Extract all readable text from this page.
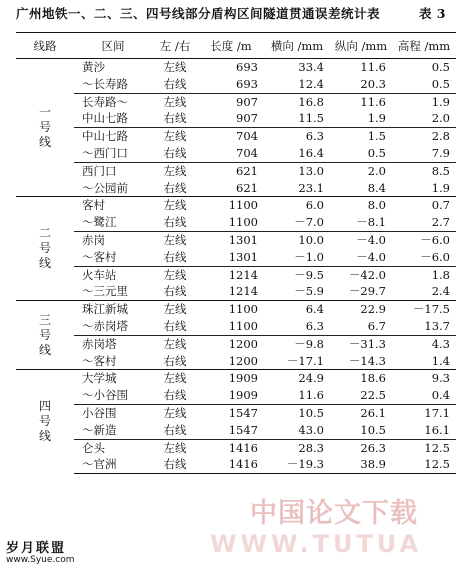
广州地铁一、二、三、四号线部分盾构区间隧道贯通误差统计表	表 3
线路	区间	左 /右	长度 /m	横向 /mm	纵向 /mm	高程 /mm
一号线	黄沙	左线	693	33.4	11.6	0.5
	～长寿路	右线	693	12.4	20.3	0.5
	长寿路～	左线	907	16.8	11.6	1.9
	中山七路	右线	907	11.5	1.9	2.0
	中山七路	左线	704	6.3	1.5	2.8
	～西门口	右线	704	16.4	0.5	7.9
	西门口	左线	621	13.0	2.0	8.5
	～公园前	右线	621	23.1	8.4	1.9
二号线	客村	左线	1100	6.0	8.0	0.7
	～鹭江	右线	1100	－7.0	－8.1	2.7
	赤岗	左线	1301	10.0	－4.0	－6.0
	～客村	右线	1301	－1.0	－4.0	－6.0
	火车站	左线	1214	－9.5	－42.0	1.8
	～三元里	右线	1214	－5.9	－29.7	2.4
三号线	珠江新城	左线	1100	6.4	22.9	－17.5
	～赤岗塔	右线	1100	6.3	6.7	13.7
	赤岗塔	左线	1200	－9.8	－31.3	4.3
	～客村	右线	1200	－17.1	－14.3	1.4
四号线	大学城	左线	1909	24.9	18.6	9.3
	～小谷围	右线	1909	11.6	22.5	0.4
	小谷围	左线	1547	10.5	26.1	17.1
	～新造	右线	1547	43.0	10.5	16.1
	仑头	左线	1416	28.3	26.3	12.5
	～官洲	右线	1416	－19.3	38.9	12.5
中国论文下载
WWW.TUTUA
岁月联盟
www.Syue.com
